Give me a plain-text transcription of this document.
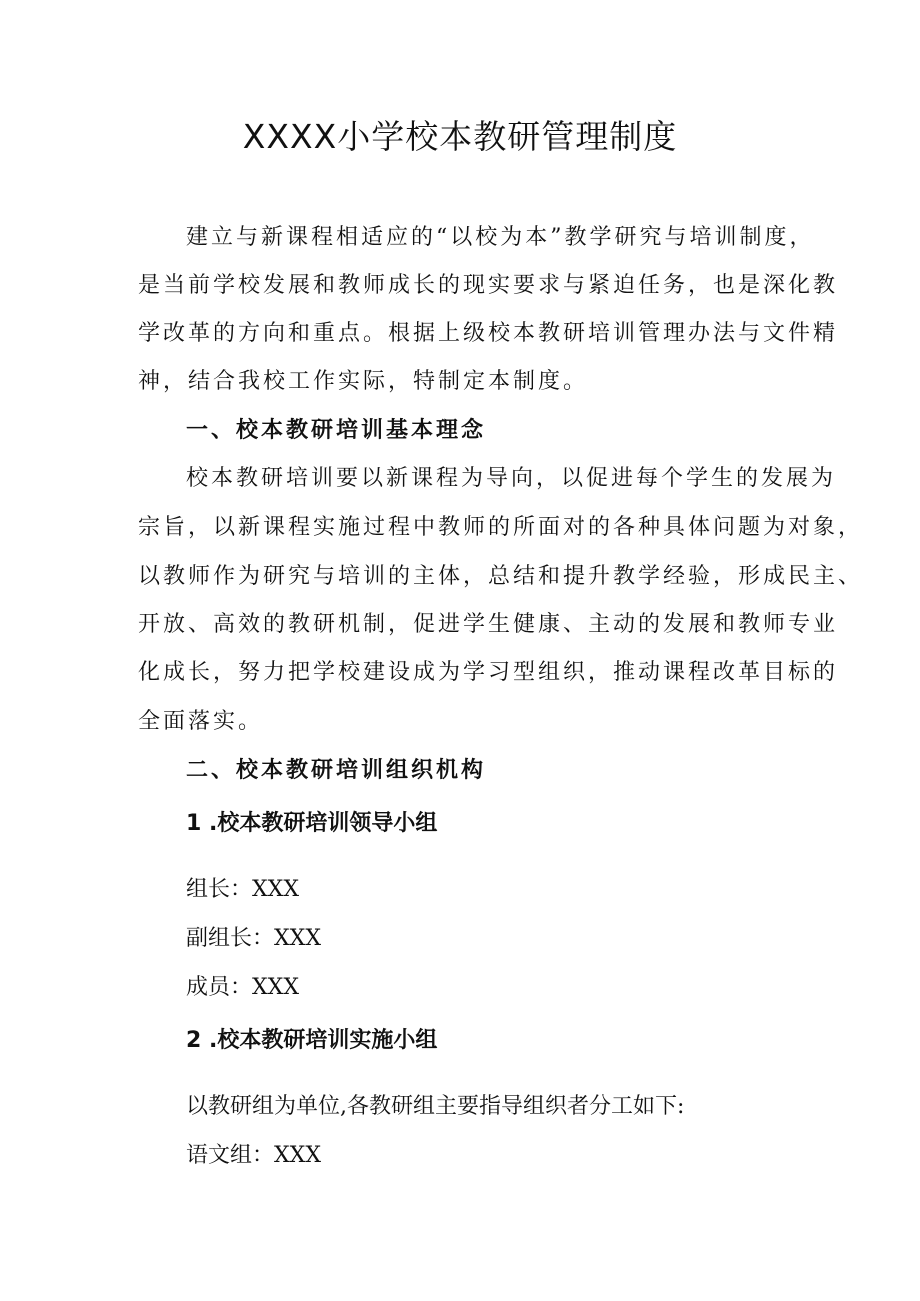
XXXX小学校本教研管理制度
建立与新课程相适应的“以校为本”教学研究与培训制度，
是当前学校发展和教师成长的现实要求与紧迫任务，也是深化教
学改革的方向和重点。根据上级校本教研培训管理办法与文件精
神，结合我校工作实际，特制定本制度。
一、校本教研培训基本理念
校本教研培训要以新课程为导向，以促进每个学生的发展为
宗旨，以新课程实施过程中教师的所面对的各种具体问题为对象，
以教师作为研究与培训的主体，总结和提升教学经验，形成民主、
开放、高效的教研机制，促进学生健康、主动的发展和教师专业
化成长，努力把学校建设成为学习型组织，推动课程改革目标的
全面落实。
二、校本教研培训组织机构
1 .校本教研培训领导小组
组长：XXX
副组长：XXX
成员：XXX
2 .校本教研培训实施小组
以教研组为单位,各教研组主要指导组织者分工如下:
语文组：XXX
